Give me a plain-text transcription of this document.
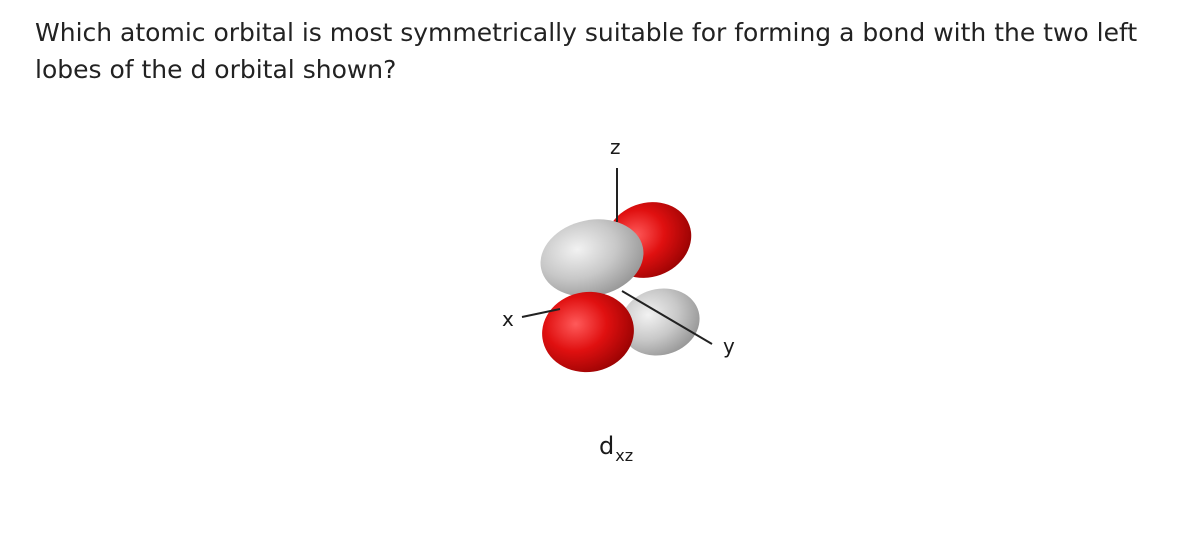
Which atomic orbital is most symmetrically suitable for forming a bond with the two left lobes of the d orbital shown?

z
x
y
dxz
